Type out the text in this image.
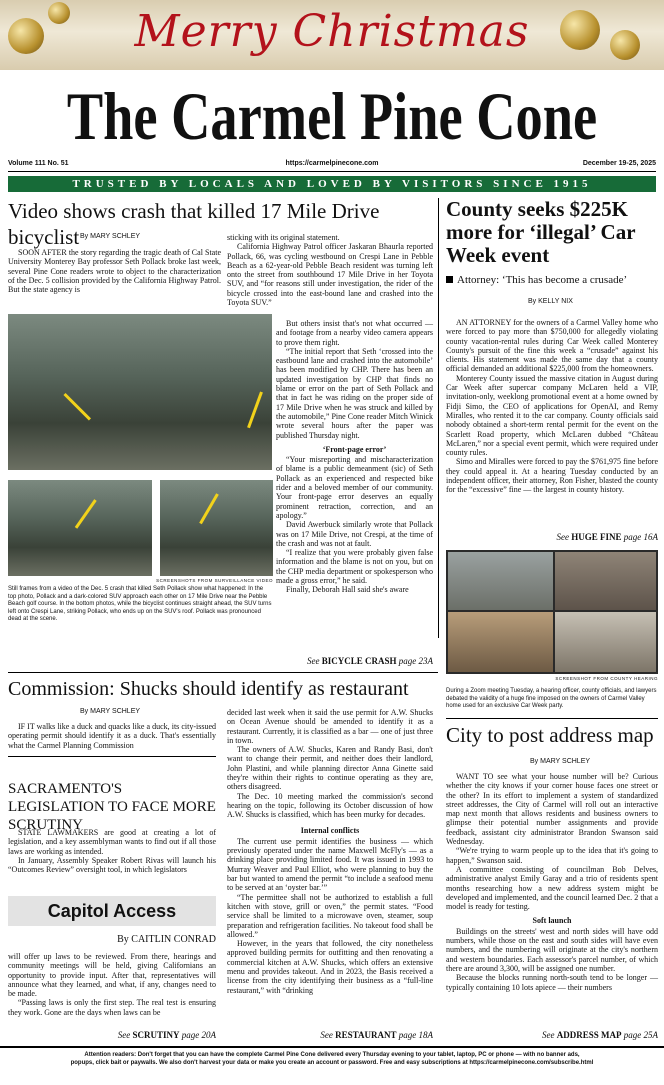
Merry Christmas
The Carmel Pine Cone
Volume 111 No. 51	https://carmelpinecone.com	December 19-25, 2025
TRUSTED BY LOCALS AND LOVED BY VISITORS SINCE 1915
Video shows crash that killed 17 Mile Drive bicyclist By MARY SCHLEY

SOON AFTER the story regarding the tragic death of Cal State University Monterey Bay professor Seth Pollack broke last week, several Pine Cone readers wrote to object to the characterization of the Dec. 5 collision provided by the California Highway Patrol. But the state agency is

sticking with its original statement.

California Highway Patrol officer Jaskaran Bhaurla reported Pollack, 66, was cycling westbound on Crespi Lane in Pebble Beach as a 62-year-old Pebble Beach resident was turning left onto the street from southbound 17 Mile Drive in her Toyota SUV, and “for reasons still under investigation, the rider of the bicycle crossed into the east-bound lane and crashed into the Toyota SUV.”

But others insist that's not what occurred — and footage from a nearby video camera appears to prove them right.

“The initial report that Seth ‘crossed into the eastbound lane and crashed into the automobile’ has been modified by CHP. There has been an updated investigation by CHP that finds no blame or error on the part of Seth Pollack and that in fact he was riding on the proper side of 17 Mile Drive when he was struck and killed by the automobile,” Pine Cone reader Mitch Winick wrote several hours after the paper was published Thursday night.

‘Front-page error’

“Your misreporting and mischaracterization of blame is a public demeanment (sic) of Seth Pollack as an experienced and respected bike rider and a beloved member of our community. Your front-page error deserves an equally prominent retraction, correction, and an apology.”

David Awerbuck similarly wrote that Pollack was on 17 Mile Drive, not Crespi, at the time of the crash and was not at fault.

“I realize that you were probably given false information and the blame is not on you, but on the CHP media department or spokesperson who made a gross error,” he said.

Finally, Deborah Hall said she's aware

SCREENSHOTS FROM SURVEILLANCE VIDEO
Still frames from a video of the Dec. 5 crash that killed Seth Pollack show what happened: In the top photo, Pollack and a dark-colored SUV approach each other on 17 Mile Drive near the Pebble Beach golf course. In the bottom photos, while the bicyclist continues straight ahead, the SUV turns left onto Crespi Lane, striking Pollack, who ends up on the SUV's roof. Pollack was pronounced dead at the scene.
See BICYCLE CRASH page 23A
County seeks $225K more for ‘illegal’ Car Week event
Attorney: ‘This has become a crusade’
By KELLY NIX

AN ATTORNEY for the owners of a Carmel Valley home who were forced to pay more than $750,000 for allegedly violating county vacation-rental rules during Car Week called Monterey County's pursuit of the fine this week a “crusade” against his clients. His statement was made the same day that a county official demanded an additional $225,000 from the homeowners.

Monterey County issued the massive citation in August during Car Week after supercar company McLaren held a VIP, invitation-only, weeklong promotional event at a home owned by Fidji Simo, the CEO of applications for OpenAI, and Remy Miralles, who rented it to the car company. County officials said nobody obtained a short-term rental permit for the event on the Scarlett Road property, which McLaren dubbed “Château McLaren,” nor a special event permit, which were required under county rules.

Simo and Miralles were forced to pay the $761,975 fine before they could appeal it. At a hearing Tuesday conducted by an independent officer, their attorney, Ron Fisher, blasted the county for the “excessive” fine — the largest in county history.

See HUGE FINE page 16A
SCREENSHOT FROM COUNTY HEARING
During a Zoom meeting Tuesday, a hearing officer, county officials, and lawyers debated the validity of a huge fine imposed on the owners of Carmel Valley home used for an exclusive Car Week party.
Commission: Shucks should identify as restaurant
By MARY SCHLEY

IF IT walks like a duck and quacks like a duck, its city-issued operating permit should identify it as a duck. That's essentially what the Carmel Planning Commission

decided last week when it said the use permit for A.W. Shucks on Ocean Avenue should be amended to identify it as a restaurant. Currently, it is classified as a bar — one of just three in town.

The owners of A.W. Shucks, Karen and Randy Basi, don't want to change their permit, and neither does their landlord, John Plastini, and while planning director Anna Ginette said they're within their rights to continue operating as they are, others disagreed.

The Dec. 10 meeting marked the commission's second hearing on the topic, following its October discussion of how A.W. Shucks is classified, which has been murky for decades.

Internal conflicts

The current use permit identifies the business — which previously operated under the name Maxwell McFly's — as a drinking place providing limited food. It was issued in 1993 to Murray Weaver and Paul Elliot, who were planning to buy the bar but wanted to amend the permit “to include a seafood menu to be served at an ‘oyster bar.’”

“The permittee shall not be authorized to establish a full kitchen with stove, grill or oven,” the permit states. “Food service shall be limited to a microwave oven, steamer, soup preparation and refrigeration facilities. No takeout food shall be allowed.”

However, in the years that followed, the city nonetheless approved building permits for outfitting and then renovating a commercial kitchen at A.W. Shucks, which offers an extensive menu and provides takeout. And in 2023, the Basis received a license from the city identifying their business as a “full-line restaurant,” with “drinking

See RESTAURANT page 18A
SACRAMENTO'S LEGISLATION TO FACE MORE SCRUTINY

STATE LAWMAKERS are good at creating a lot of legislation, and a key assemblyman wants to find out if all those laws are working as intended.

In January, Assembly Speaker Robert Rivas will launch his “Outcomes Review” oversight tool, in which legislators

Capitol Access
By CAITLIN CONRAD

will offer up laws to be reviewed. From there, hearings and community meetings will be held, giving Californians an opportunity to provide input. After that, representatives will announce what they learned, and what, if any, changes need to be made.

“Passing laws is only the first step. The real test is ensuring they work. Gone are the days when laws can be

See SCRUTINY page 20A
City to post address map
By MARY SCHLEY

WANT TO see what your house number will be? Curious whether the city knows if your corner house faces one street or the other? In its effort to implement a system of standardized street addresses, the City of Carmel will roll out an interactive map next month that allows residents and business owners to glimpse their potential number assignments and provide feedback, assistant city administrator Brandon Swanson said Wednesday.

“We're trying to warm people up to the idea that it's going to happen,” Swanson said.

A committee consisting of councilman Bob Delves, administrative analyst Emily Garay and a trio of residents spent months researching how a new address system might be developed and implemented, and the council learned Dec. 2 that a model is ready for testing.

Soft launch

Buildings on the streets' west and north sides will have odd numbers, while those on the east and south sides will have even numbers, and the numbering will originate at the city's northern and western boundaries. Each assessor's parcel number, of which there are around 3,300, will be assigned one number.

Because the blocks running north-south tend to be longer — typically containing 10 lots apiece — their numbers

See ADDRESS MAP page 25A
Attention readers: Don't forget that you can have the complete Carmel Pine Cone delivered every Thursday evening to your tablet, laptop, PC or phone — with no banner ads,
popups, click bait or paywalls. We also don't harvest your data or make you create an account or password. Free and easy subscriptions at https://carmelpinecone.com/subscribe.html
